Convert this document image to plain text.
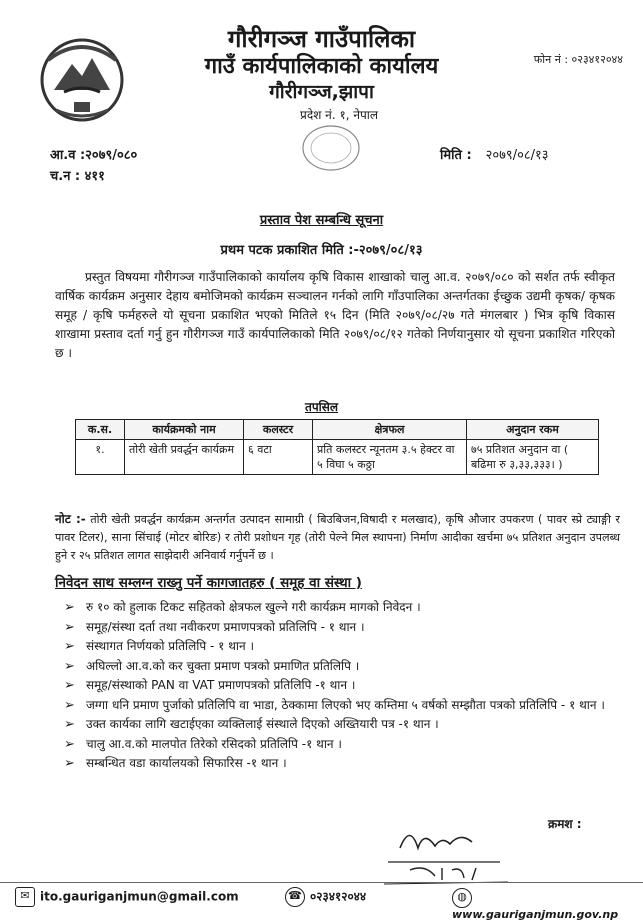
गौरीगञ्ज गाउँपालिका
गाउँ कार्यपालिकाको कार्यालय
गौरीगञ्ज,झापा
प्रदेश नं. १, नेपाल
फोन नं : ०२३४१२०४४
आ.व :२०७९/०८०
च.न : ४११
मिति : २०७९/०८/१३
प्रस्ताव पेश सम्बन्धि सूचना
प्रथम पटक प्रकाशित मिति :-२०७९/०८/१३
प्रस्तुत विषयमा गौरीगञ्ज गाउँपालिकाको कार्यालय कृषि विकास शाखाको चालु आ.व. २०७९/०८० को सर्शत तर्फ स्वीकृत वार्षिक कार्यक्रम अनुसार देहाय बमोजिमको कार्यक्रम सञ्चालन गर्नको लागि गाँउपालिका अन्तर्गतका ईच्छुक उद्यमी कृषक/ कृषक समूह / कृषि फर्महरुले यो सूचना प्रकाशित भएको मितिले १५ दिन (मिति २०७९/०८/२७ गते मंगलबार ) भित्र कृषि विकास शाखामा प्रस्ताव दर्ता गर्नु हुन गौरीगञ्ज गाउँ कार्यपालिकाको मिति २०७९/०८/१२ गतेको निर्णयानुसार यो सूचना प्रकाशित गरिएको छ ।
तपसिल
क.स.	कार्यक्रमको नाम	कलस्टर	क्षेत्रफल	अनुदान रकम
१.	तोरी खेती प्रवर्द्धन कार्यक्रम	६ वटा	प्रति कलस्टर न्यूनतम ३.५ हेक्टर वा ५ विघा ५ कठ्ठा	७५ प्रतिशत अनुदान वा ( बढिमा रु ३,३३,३३३। )
नोट :- तोरी खेती प्रवर्द्धन कार्यक्रम अन्तर्गत उत्पादन सामाग्री ( बिउबिजन,विषादी र मलखाद), कृषि औजार उपकरण ( पावर स्प्रे ट्याङ्गी र पावर टिलर), साना सिंचाई (मोटर बोरिङ) र तोरी प्रशोधन गृह (तोरी पेल्ने मिल स्थापना) निर्माण आदीका खर्चमा ७५ प्रतिशत अनुदान उपलब्ध हुने र २५ प्रतिशत लागत साझेदारी अनिवार्य गर्नुपर्ने छ ।
निवेदन साथ सम्लग्न राख्नु पर्ने कागजातहरु ( समूह वा संस्था )
➢ रु १० को हुलाक टिकट सहितको क्षेत्रफल खुल्ने गरी कार्यक्रम मागको निवेदन ।
➢ समूह/संस्था दर्ता तथा नवीकरण प्रमाणपत्रको प्रतिलिपि - १ थान ।
➢ संस्थागत निर्णयको प्रतिलिपि - १ थान ।
➢ अघिल्लो आ.व.को कर चुक्ता प्रमाण पत्रको प्रमाणित प्रतिलिपि ।
➢ समूह/संस्थाको PAN वा VAT प्रमाणपत्रको प्रतिलिपि -१ थान ।
➢ जग्गा धनि प्रमाण पुर्जाको प्रतिलिपि वा भाडा, ठेक्कामा लिएको भए कम्तिमा ५ वर्षको सम्झौता पत्रको प्रतिलिपि - १ थान ।
➢ उक्त कार्यका लागि खटाईएका व्यक्तिलाई संस्थाले दिएको अख्तियारी पत्र -१ थान ।
➢ चालु आ.व.को मालपोत तिरेको रसिदको प्रतिलिपि -१ थान ।
➢ सम्बन्धित वडा कार्यालयको सिफारिस -१ थान ।
क्रमश :
✉ ito.gauriganjmun@gmail.com	☎ ०२३४१२०४४	◍www.gauriganjmun.gov.np
